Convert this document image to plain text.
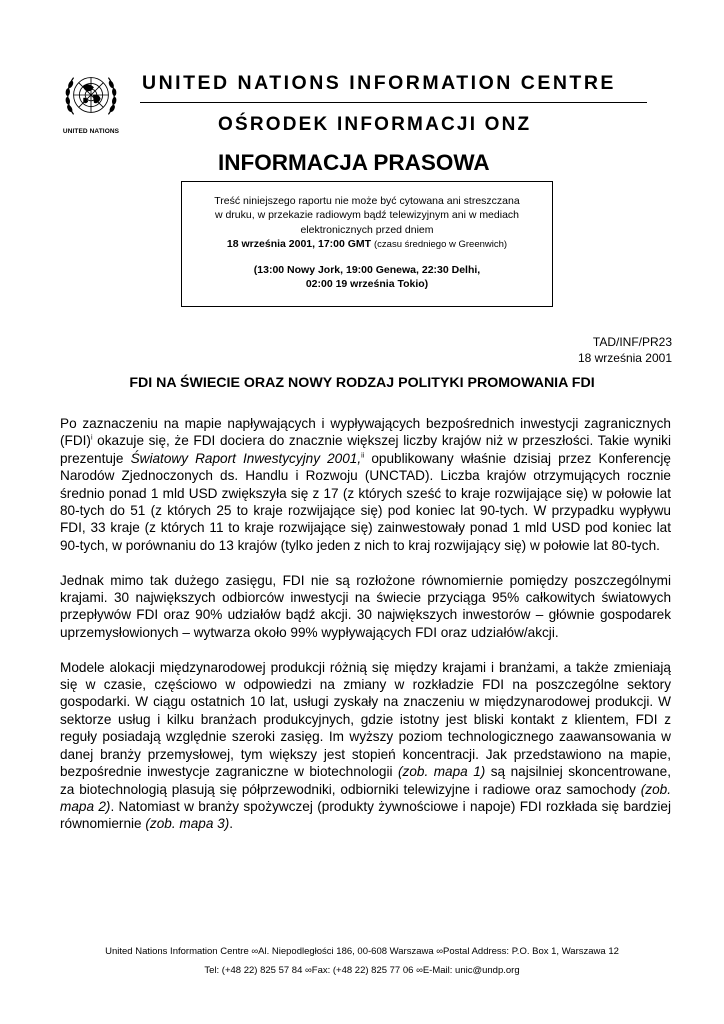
UNITED NATIONS
UNITED NATIONS INFORMATION CENTRE
OŚRODEK INFORMACJI ONZ
INFORMACJA PRASOWA
Treść niniejszego raportu nie może być cytowana ani streszczana
w druku, w przekazie radiowym bądź telewizyjnym ani w mediach
elektronicznych przed dniem
18 września 2001, 17:00 GMT (czasu średniego w Greenwich)
(13:00 Nowy Jork, 19:00 Genewa, 22:30 Delhi,
02:00 19 września Tokio)
TAD/INF/PR23
18 września 2001
FDI NA ŚWIECIE ORAZ NOWY RODZAJ POLITYKI PROMOWANIA FDI

Po zaznaczeniu na mapie napływających i wypływających bezpośrednich inwestycji zagranicznych (FDI)$^i$ okazuje się, że FDI dociera do znacznie większej liczby krajów niż w przeszłości. Takie wyniki prezentuje Światowy Raport Inwestycyjny 2001,$^{ii}$ opublikowany właśnie dzisiaj przez Konferencję Narodów Zjednoczonych ds. Handlu i Rozwoju (UNCTAD). Liczba krajów otrzymujących rocznie średnio ponad 1 mld USD zwiększyła się z 17 (z których sześć to kraje rozwijające się) w połowie lat 80-tych do 51 (z których 25 to kraje rozwijające się) pod koniec lat 90-tych. W przypadku wypływu FDI, 33 kraje (z których 11 to kraje rozwijające się) zainwestowały ponad 1 mld USD pod koniec lat 90-tych, w porównaniu do 13 krajów (tylko jeden z nich to kraj rozwijający się) w połowie lat 80-tych.

Jednak mimo tak dużego zasięgu, FDI nie są rozłożone równomiernie pomiędzy poszczególnymi krajami. 30 największych odbiorców inwestycji na świecie przyciąga 95% całkowitych światowych przepływów FDI oraz 90% udziałów bądź akcji. 30 największych inwestorów – głównie gospodarek uprzemysłowionych – wytwarza około 99% wypływających FDI oraz udziałów/akcji.

Modele alokacji międzynarodowej produkcji różnią się między krajami i branżami, a także zmieniają się w czasie, częściowo w odpowiedzi na zmiany w rozkładzie FDI na poszczególne sektory gospodarki. W ciągu ostatnich 10 lat, usługi zyskały na znaczeniu w międzynarodowej produkcji. W sektorze usług i kilku branżach produkcyjnych, gdzie istotny jest bliski kontakt z klientem, FDI z reguły posiadają względnie szeroki zasięg. Im wyższy poziom technologicznego zaawansowania w danej branży przemysłowej, tym większy jest stopień koncentracji. Jak przedstawiono na mapie, bezpośrednie inwestycje zagraniczne w biotechnologii (zob. mapa 1) są najsilniej skoncentrowane, za biotechnologią plasują się półprzewodniki, odbiorniki telewizyjne i radiowe oraz samochody (zob. mapa 2). Natomiast w branży spożywczej (produkty żywnościowe i napoje) FDI rozkłada się bardziej równomiernie (zob. mapa 3).

United Nations Information Centre ∞Al. Niepodległości 186, 00-608 Warszawa ∞Postal Address: P.O. Box 1, Warszawa 12
Tel: (+48 22) 825 57 84 ∞Fax: (+48 22) 825 77 06 ∞E-Mail: unic@undp.org
